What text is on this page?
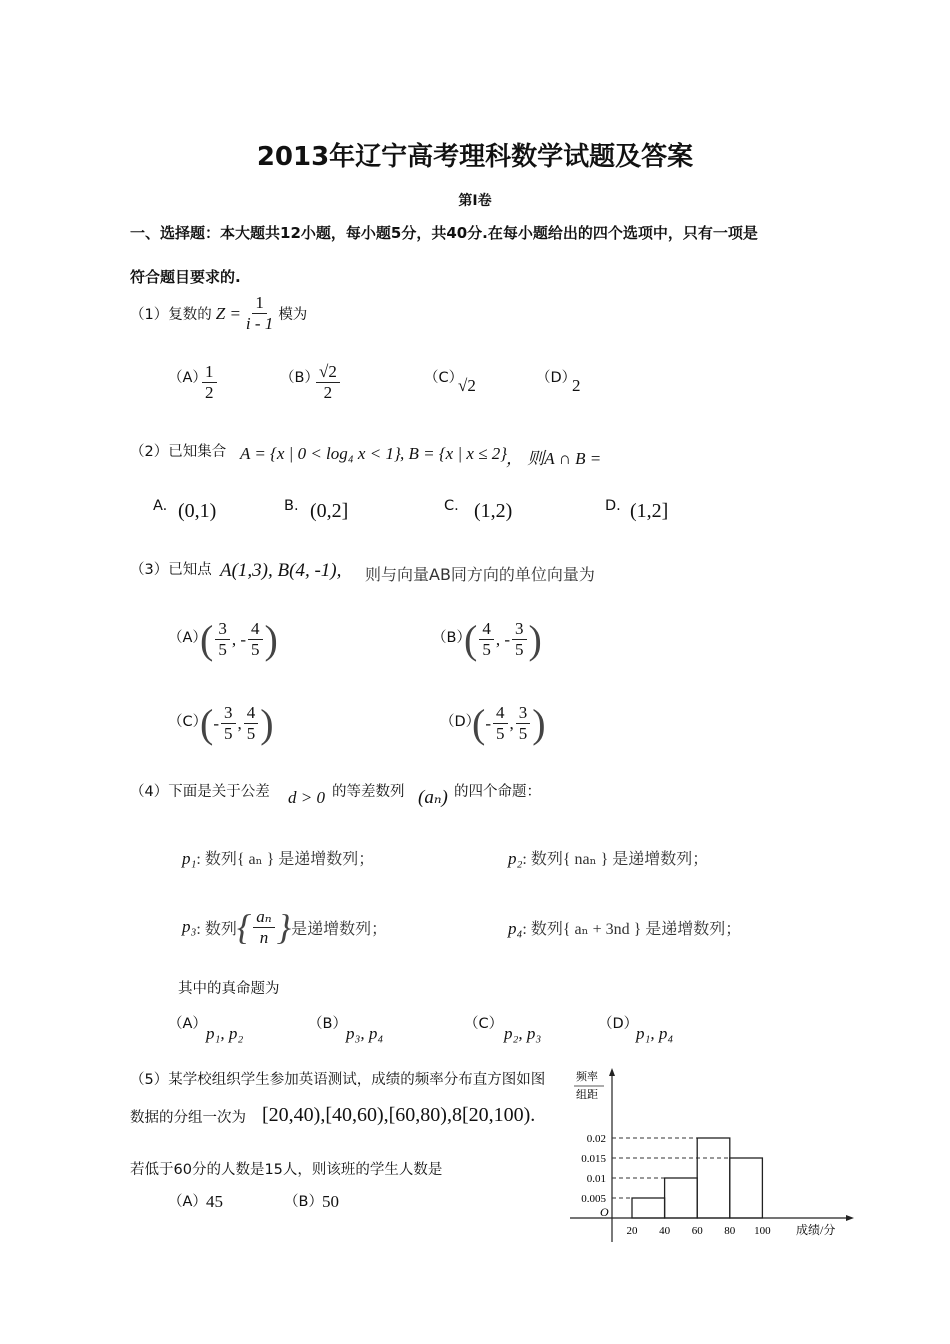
2013年辽宁高考理科数学试题及答案
第I卷
一、选择题：本大题共12小题，每小题5分，共40分.在每小题给出的四个选项中，只有一项是
符合题目要求的.
（1） 复数的 $Z = \frac{1}{i - 1}$ 模为
（A）
$\frac{1}{2}$	（B）
$\frac{√2}{2}$	（C）
√2	（D）
2
（2）已知集合 A = {x | 0 < log₄ x < 1} , B = {x | x ≤ 2}
， 则A ∩ B =
A. (0,1)	B. (0,2]	C. (1,2)	D. (1,2]
（3）已知点 A(1,3), B(4, -1), 则与向量AB同方向的单位向量为
（A）
( $\frac{3}{5}$ , - $\frac{4}{5}$ )	（B）
( $\frac{4}{5}$ , - $\frac{3}{5}$ )
（C）
( - $\frac{3}{5}$ , $\frac{4}{5}$ )	（D）
( - $\frac{4}{5}$ , $\frac{3}{5}$ )
（4）下面是关于公差 d > 0 的等差数列 (aₙ) 的四个命题：
p₁: 数列{ aₙ } 是递增数列；	p₂: 数列{ naₙ } 是递增数列；
p₃ : 数列 { $\frac{\text{aₙ}}{n}$ } 是递增数列；	p₄: 数列{ aₙ + 3nd } 是递增数列；
其中的真命题为
（A） p₁, p₂	（B） p₃, p₄	（C） p₂, p₃	（D）
p₁, p₄
（5）某学校组织学生参加英语测试，成绩的频率分布直方图如图
数据的分组一次为 [20,40),[40,60),[60,80),8[20,100).
若低于60分的人数是15人，则该班的学生人数是
（A） 45	（B） 50
频率
组距
成绩/分
O
0.005
0.01
0.015
0.02
20 40 60 80 100
